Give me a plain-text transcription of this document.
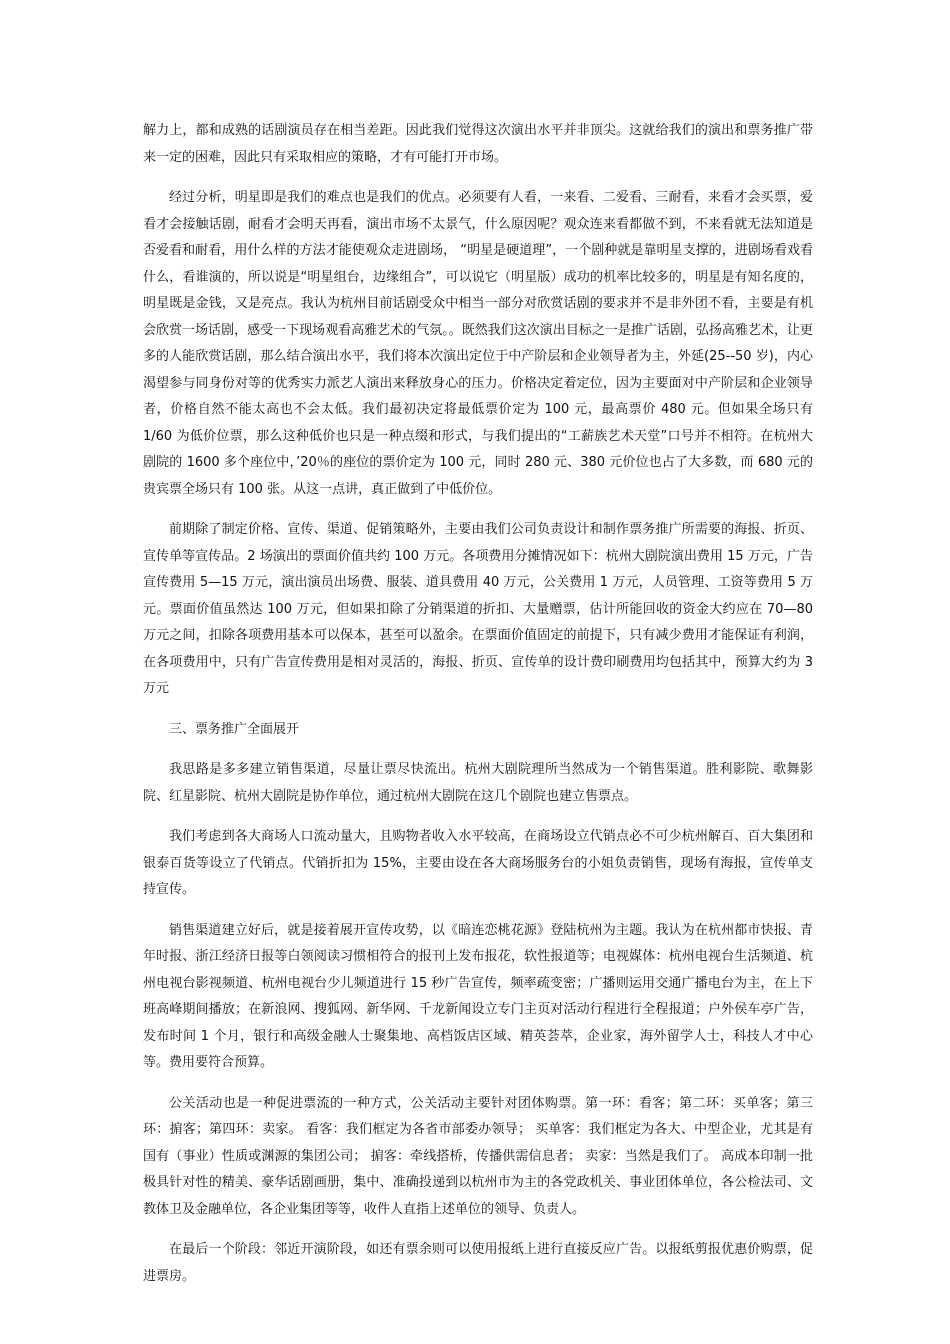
解力上，都和成熟的话剧演员存在相当差距。因此我们觉得这次演出水平并非顶尖。这就给我们的演出和票务推广带来一定的困难，因此只有采取相应的策略，才有可能打开市场。

经过分析，明星即是我们的难点也是我们的优点。必须要有人看，一来看、二爱看、三耐看，来看才会买票，爱看才会接触话剧，耐看才会明天再看，演出市场不太景气，什么原因呢？观众连来看都做不到，不来看就无法知道是否爱看和耐看，用什么样的方法才能使观众走进剧场， “明星是硬道理”，一个剧种就是靠明星支撑的，进剧场看戏看什么，看谁演的，所以说是“明星组台，边缘组合”，可以说它（明星版）成功的机率比较多的，明星是有知名度的，明星既是金钱，又是亮点。我认为杭州目前话剧受众中相当一部分对欣赏话剧的要求并不是非外团不看，主要是有机会欣赏一场话剧，感受一下现场观看高雅艺术的气氛。。既然我们这次演出目标之一是推广话剧，弘扬高雅艺术，让更多的人能欣赏话剧，那么结合演出水平，我们将本次演出定位于中产阶层和企业领导者为主，外延(25--50 岁)，内心渴望参与同身份对等的优秀实力派艺人演出来释放身心的压力。价格决定着定位，因为主要面对中产阶层和企业领导者，价格自然不能太高也不会太低。我们最初决定将最低票价定为 100 元，最高票价 480 元。但如果全场只有 1/60 为低价位票，那么这种低价也只是一种点缀和形式，与我们提出的“工薪族艺术天堂”口号并不相符。在杭州大剧院的 1600 多个座位中，’20％的座位的票价定为 100 元，同时 280 元、380 元价位也占了大多数，而 680 元的贵宾票全场只有 100 张。从这一点讲，真正做到了中低价位。

前期除了制定价格、宣传、渠道、促销策略外，主要由我们公司负责设计和制作票务推广所需要的海报、折页、宣传单等宣传品。2 场演出的票面价值共约 100 万元。各项费用分摊情况如下：杭州大剧院演出费用 15 万元，广告宣传费用 5—15 万元，演出演员出场费、服装、道具费用 40 万元，公关费用 1 万元，人员管理、工资等费用 5 万元。票面价值虽然达 100 万元，但如果扣除了分销渠道的折扣、大量赠票，估计所能回收的资金大约应在 70—80 万元之间，扣除各项费用基本可以保本，甚至可以盈余。在票面价值固定的前提下，只有减少费用才能保证有利润，在各项费用中，只有广告宣传费用是相对灵活的，海报、折页、宣传单的设计费印刷费用均包括其中，预算大约为 3 万元

三、票务推广全面展开

我思路是多多建立销售渠道，尽量让票尽快流出。杭州大剧院理所当然成为一个销售渠道。胜利影院、歌舞影院、红星影院、杭州大剧院是协作单位，通过杭州大剧院在这几个剧院也建立售票点。

我们考虑到各大商场人口流动量大，且购物者收入水平较高，在商场设立代销点必不可少杭州解百、百大集团和银泰百货等设立了代销点。代销折扣为 15%，主要由设在各大商场服务台的小姐负责销售，现场有海报，宣传单支持宣传。

销售渠道建立好后，就是接着展开宣传攻势，以《暗连恋桃花源》登陆杭州为主题。我认为在杭州都市快报、青年时报、浙江经济日报等白领阅读习惯相符合的报刊上发布报花，软性报道等；电视媒体：杭州电视台生活频道、杭州电视台影视频道、杭州电视台少儿频道进行 15 秒广告宣传，频率疏变密；广播则运用交通广播电台为主，在上下班高峰期间播放；在新浪网、搜狐网、新华网、千龙新闻设立专门主页对活动行程进行全程报道；户外侯车亭广告，发布时间 1 个月，银行和高级金融人士聚集地、高档饭店区域、精英荟萃，企业家，海外留学人士，科技人才中心等。费用要符合预算。

公关活动也是一种促进票流的一种方式，公关活动主要针对团体购票。第一环：看客；第二环：买单客；第三环：掮客；第四环：卖家。 看客：我们框定为各省市部委办领导； 买单客：我们框定为各大、中型企业，尤其是有国有（事业）性质或渊源的集团公司； 掮客：牵线搭桥，传播供需信息者； 卖家：当然是我们了。 高成本印制一批极具针对性的精美、豪华话剧画册，集中、准确投递到以杭州市为主的各党政机关、事业团体单位，各公检法司、文教体卫及金融单位，各企业集团等等，收件人直指上述单位的领导、负责人。

在最后一个阶段：邻近开演阶段，如还有票余则可以使用报纸上进行直接反应广告。以报纸剪报优惠价购票，促进票房。
